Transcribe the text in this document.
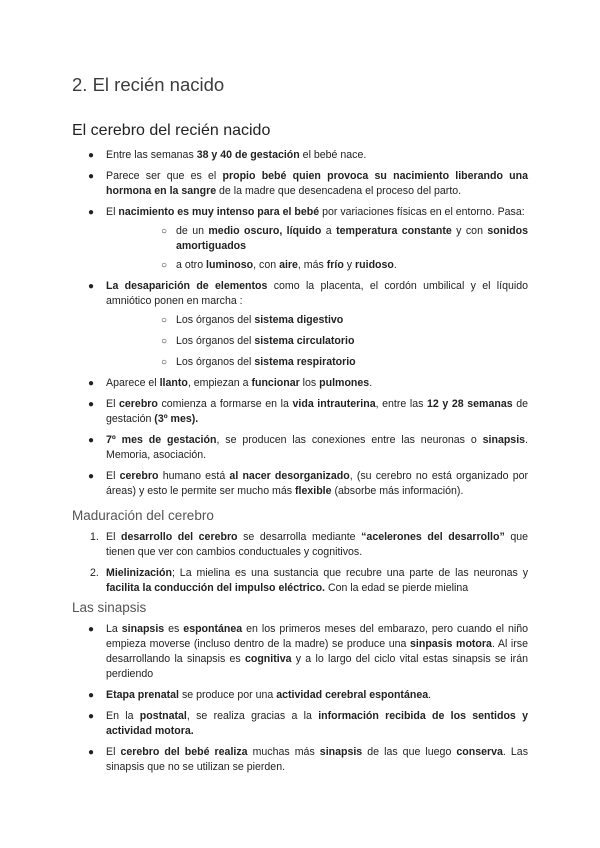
2. El recién nacido
El cerebro del recién nacido
● Entre las semanas 38 y 40 de gestación el bebé nace.
● Parece ser que es el propio bebé quien provoca su nacimiento liberando una hormona en la sangre de la madre que desencadena el proceso del parto.
● El nacimiento es muy intenso para el bebé por variaciones físicas en el entorno. Pasa:
○ de un medio oscuro, líquido a temperatura constante y con sonidos amortiguados
○ a otro luminoso, con aire, más frío y ruidoso.
● La desaparición de elementos como la placenta, el cordón umbilical y el líquido amniótico ponen en marcha :
○ Los órganos del sistema digestivo
○ Los órganos del sistema circulatorio
○ Los órganos del sistema respiratorio
● Aparece el llanto, empiezan a funcionar los pulmones.
● El cerebro comienza a formarse en la vida intrauterina, entre las 12 y 28 semanas de gestación (3º mes).
● 7º mes de gestación, se producen las conexiones entre las neuronas o sinapsis. Memoria, asociación.
● El cerebro humano está al nacer desorganizado, (su cerebro no está organizado por áreas) y esto le permite ser mucho más flexible (absorbe más información).
Maduración del cerebro
1. El desarrollo del cerebro se desarrolla mediante “acelerones del desarrollo” que tienen que ver con cambios conductuales y cognitivos.
2. Mielinización; La mielina es una sustancia que recubre una parte de las neuronas y facilita la conducción del impulso eléctrico. Con la edad se pierde mielina
Las sinapsis
● La sinapsis es espontánea en los primeros meses del embarazo, pero cuando el niño empieza moverse (incluso dentro de la madre) se produce una sinpasis motora. Al irse desarrollando la sinapsis es cognitiva y a lo largo del ciclo vital estas sinapsis se irán perdiendo
● Etapa prenatal se produce por una actividad cerebral espontánea.
● En la postnatal, se realiza gracias a la información recibida de los sentidos y actividad motora.
● El cerebro del bebé realiza muchas más sinapsis de las que luego conserva. Las sinapsis que no se utilizan se pierden.
